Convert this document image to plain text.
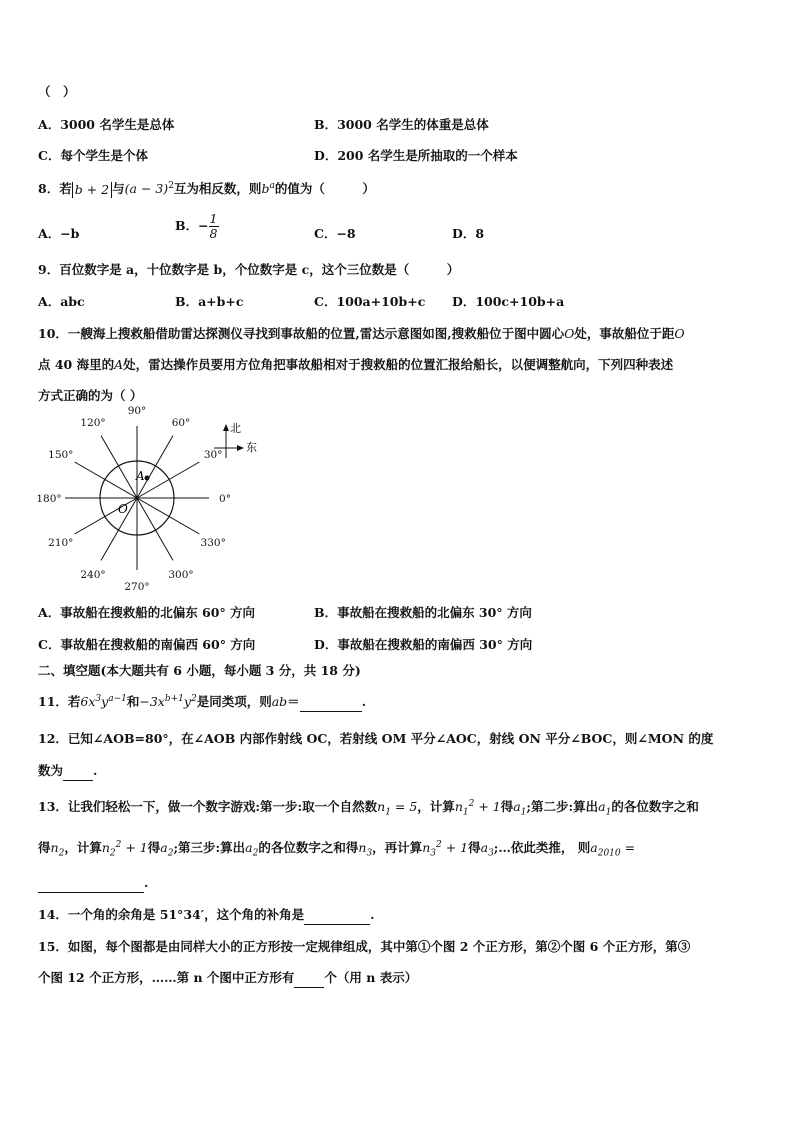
（　）
A．3000 名学生是总体	B．3000 名学生的体重是总体
C．每个学生是个体	D．200 名学生是所抽取的一个样本
8．若 b + 2 与$(a - 3)^2$互为相反数，则$b^a$的值为（　　　）
A．−b
B．− $\frac{1}{8}$	C．−8	D．8
9．百位数字是 a，十位数字是 b，个位数字是 c，这个三位数是（　　　）
A．abc	B．a+b+c	C．100a+10b+c D．100c+10b+a
10．一艘海上搜救船借助雷达探测仪寻找到事故船的位置,雷达示意图如图,搜救船位于图中圆心O处，事故船位于距O
点 40 海里的A处，雷达操作员要用方位角把事故船相对于搜救船的位置汇报给船长，以便调整航向，下列四种表述
方式正确的为（ ）
A
O
0°
30°
60°
90°
120°
150°
180°
210°
240°
270°
300°
330°
北
东
A．事故船在搜救船的北偏东 60° 方向	B．事故船在搜救船的北偏东 30° 方向
C．事故船在搜救船的南偏西 60° 方向	D．事故船在搜救船的南偏西 30° 方向
二、填空题(本大题共有 6 小题，每小题 3 分，共 18 分)
11．若$6x^3y^{a-1}$和$-3x^{b+1}y^2$是同类项，则ab＝	.
12．已知∠AOB=80°，在∠AOB 内部作射线 OC，若射线 OM 平分∠AOC，射线 ON 平分∠BOC，则∠MON 的度
数为 .
13．让我们轻松一下，做一个数字游戏:第一步:取一个自然数$n_1 = 5$，计算$n_1^2 + 1$得$a_1$;第二步:算出$a_1$的各位数字之和
得$n_2$，计算$n_2^2 + 1$得$a_2$;第三步:算出$a_2$的各位数字之和得$n_3$，再计算$n_3^2 + 1$得$a_3;\dots$依此类推， 则$a_{2010}$ =
.
14．一个角的余角是 51°34′，这个角的补角是	.
15．如图，每个图都是由同样大小的正方形按一定规律组成，其中第①个图 2 个正方形，第②个图 6 个正方形，第③
个图 12 个正方形，……第 n 个图中正方形有 个（用 n 表示）
